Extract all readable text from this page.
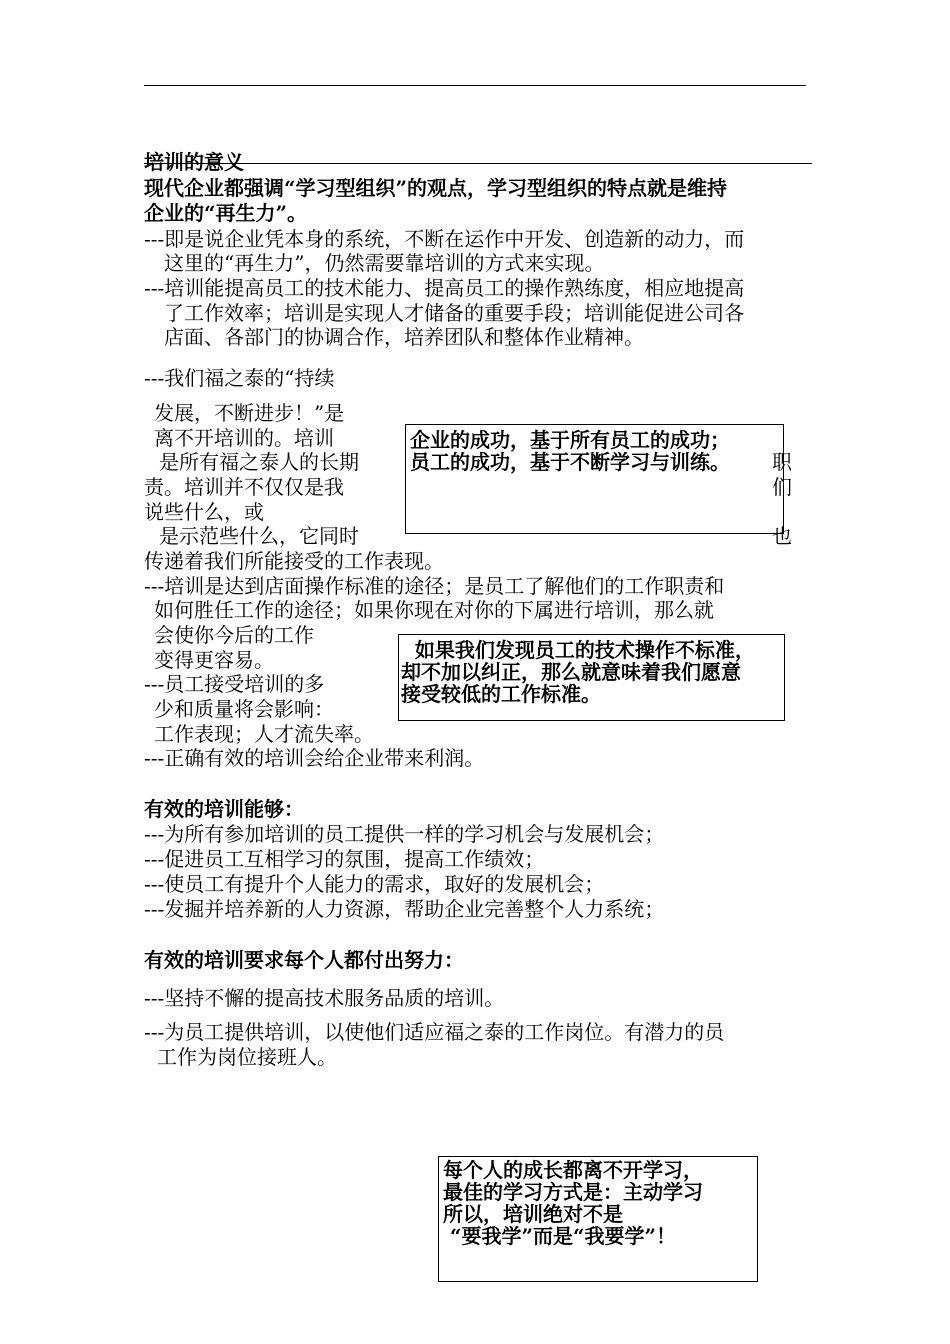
培训的意义
现代企业都强调“学习型组织”的观点，学习型组织的特点就是维持
企业的“再生力”。
---即是说企业凭本身的系统，不断在运作中开发、创造新的动力，而
这里的“再生力”，仍然需要靠培训的方式来实现。
---培训能提高员工的技术能力、提高员工的操作熟练度，相应地提高
了工作效率；培训是实现人才储备的重要手段；培训能促进公司各
店面、各部门的协调合作，培养团队和整体作业精神。
---我们福之泰的“持续
发展，不断进步！”是
离不开培训的。培训
是所有福之泰人的长期	职
责。培训并不仅仅是我	们
说些什么，或
是示范些什么，它同时	也
传递着我们所能接受的工作表现。
企业的成功，基于所有员工的成功；
员工的成功，基于不断学习与训练。
---培训是达到店面操作标准的途径；是员工了解他们的工作职责和
如何胜任工作的途径；如果你现在对你的下属进行培训，那么就
会使你今后的工作
变得更容易。	如果我们发现员工的技术操作不标准，
却不加以纠正，那么就意味着我们愿意
接受较低的工作标准。
---员工接受培训的多
少和质量将会影响：
工作表现；人才流失率。
---正确有效的培训会给企业带来利润。
有效的培训能够：
---为所有参加培训的员工提供一样的学习机会与发展机会；
---促进员工互相学习的氛围，提高工作绩效；
---使员工有提升个人能力的需求，取好的发展机会；
---发掘并培养新的人力资源，帮助企业完善整个人力系统；
有效的培训要求每个人都付出努力：
---坚持不懈的提高技术服务品质的培训。
---为员工提供培训，以使他们适应福之泰的工作岗位。有潜力的员
工作为岗位接班人。
每个人的成长都离不开学习，
最佳的学习方式是：主动学习
所以，培训绝对不是
“要我学”而是“我要学”！
